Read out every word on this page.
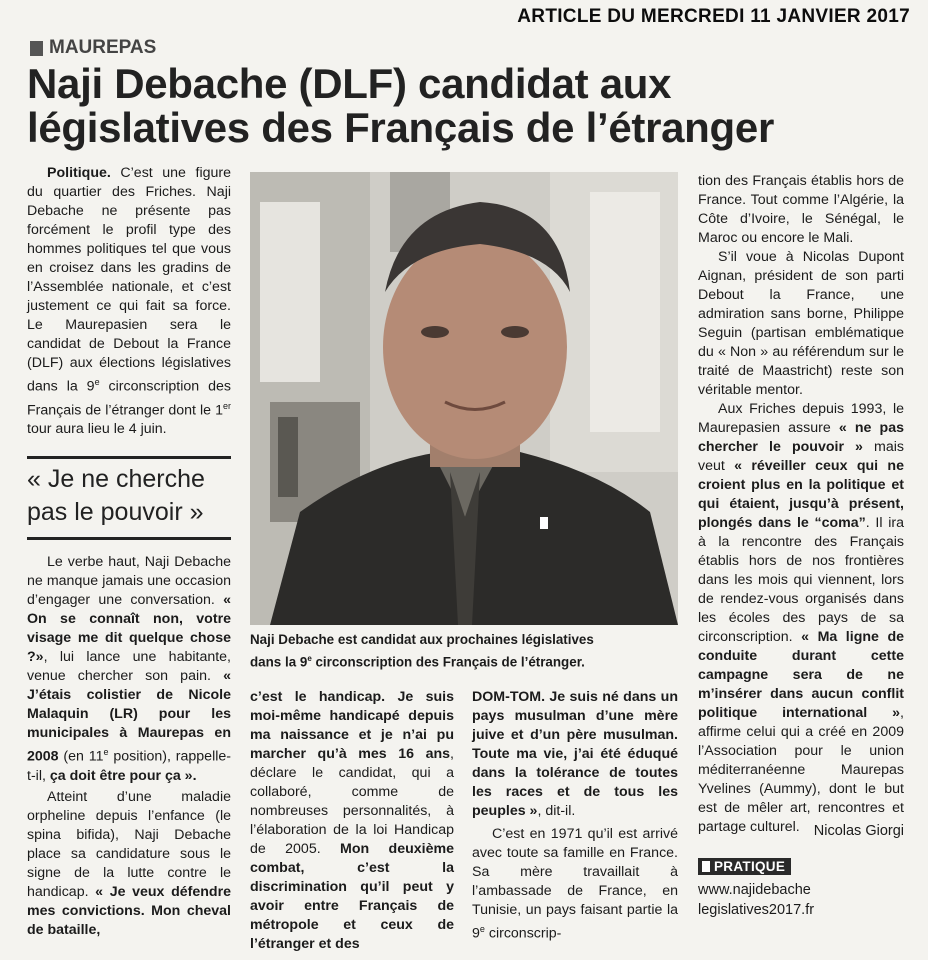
ARTICLE DU MERCREDI 11 JANVIER 2017
MAUREPAS
Naji Debache (DLF) candidat aux
législatives des Français de l’étranger

Politique. C’est une figure du quartier des Friches. Naji Debache ne présente pas forcément le profil type des hommes politiques tel que vous en croisez dans les gradins de l’Assemblée nationale, et c’est justement ce qui fait sa force. Le Maurepasien sera le candidat de Debout la France (DLF) aux élections législatives dans la 9e circonscription des Français de l’étranger dont le 1er tour aura lieu le 4 juin.

« Je ne cherche pas le pouvoir »

Le verbe haut, Naji Debache ne manque jamais une occasion d’engager une conversation. « On se connaît non, votre visage me dit quelque chose ?», lui lance une habitante, venue chercher son pain. « J’étais colistier de Nicole Malaquin (LR) pour les municipales à Maurepas en 2008 (en 11e position), rappelle-t-il, ça doit être pour ça ».

Atteint d’une maladie orpheline depuis l’enfance (le spina bifida), Naji Debache place sa candidature sous le signe de la lutte contre le handicap. « Je veux défendre mes convictions. Mon cheval de bataille,

Naji Debache est candidat aux prochaines législatives
dans la 9e circonscription des Français de l’étranger.

c’est le handicap. Je suis moi-même handicapé depuis ma naissance et je n’ai pu marcher qu’à mes 16 ans, déclare le candidat, qui a collaboré, comme de nombreuses personnalités, à l’élaboration de la loi Handicap de 2005. Mon deuxième combat, c’est la discrimination qu’il peut y avoir entre Français de métropole et ceux de l’étranger et des

DOM-TOM. Je suis né dans un pays musulman d’une mère juive et d’un père musulman. Toute ma vie, j’ai été éduqué dans la tolérance de toutes les races et de tous les peuples », dit-il.

C’est en 1971 qu’il est arrivé avec toute sa famille en France. Sa mère travaillait à l’ambassade de France, en Tunisie, un pays faisant partie la 9e circonscrip-

tion des Français établis hors de France. Tout comme l’Algérie, la Côte d’Ivoire, le Sénégal, le Maroc ou encore le Mali.

S’il voue à Nicolas Dupont Aignan, président de son parti Debout la France, une admiration sans borne, Philippe Seguin (partisan emblématique du « Non » au référendum sur le traité de Maastricht) reste son véritable mentor.

Aux Friches depuis 1993, le Maurepasien assure « ne pas chercher le pouvoir » mais veut « réveiller ceux qui ne croient plus en la politique et qui étaient, jusqu’à présent, plongés dans le “coma”. Il ira à la rencontre des Français établis hors de nos frontières dans les mois qui viennent, lors de rendez-vous organisés dans les écoles des pays de sa circonscription. « Ma ligne de conduite durant cette campagne sera de ne m’insérer dans aucun conflit politique international », affirme celui qui a créé en 2009 l’Association pour le union méditerranéenne Maurepas Yvelines (Aummy), dont le but est de mêler art, rencontres et partage culturel. Nicolas Giorgi
PRATIQUE
www.najidebache
legislatives2017.fr
